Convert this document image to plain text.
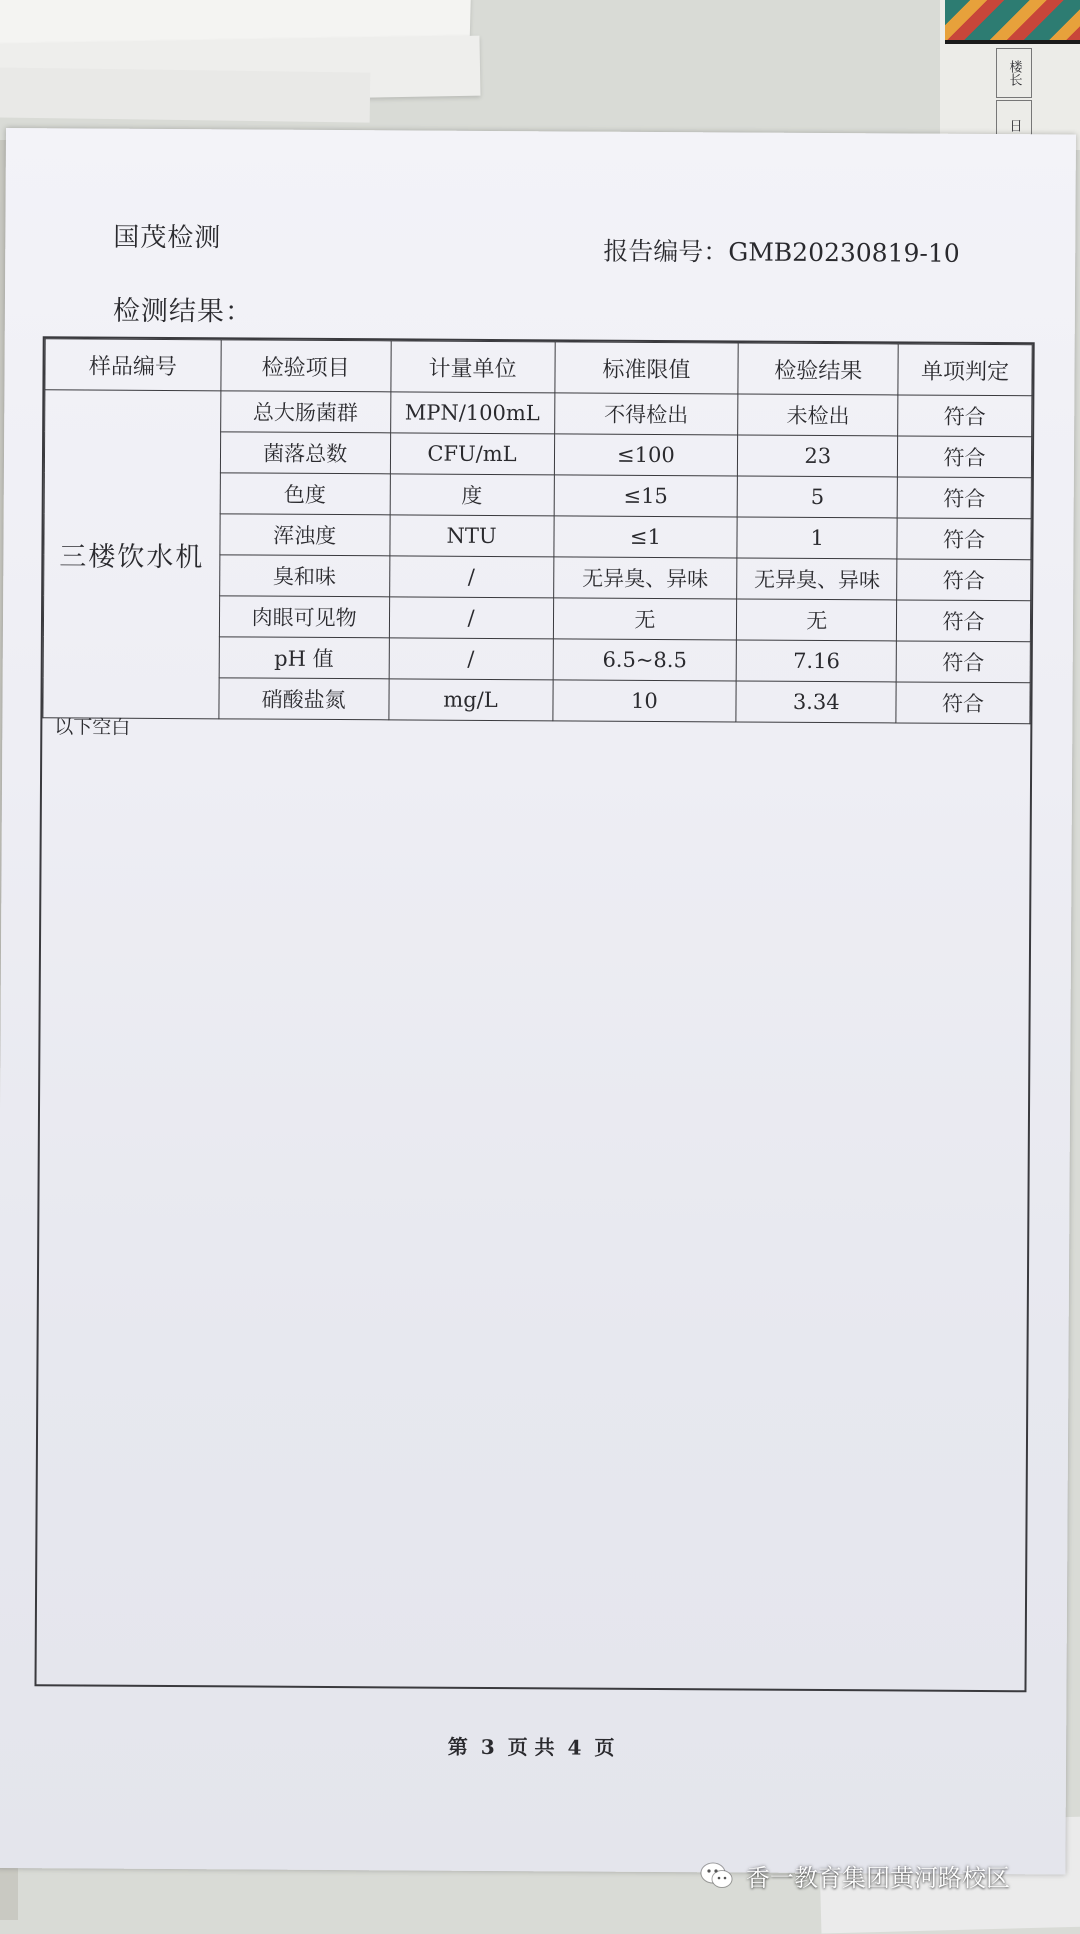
楼长
日
国茂检测	报告编号：GMB20230819-10
检测结果：
样品编号	检验项目	计量单位	标准限值	检验结果	单项判定
三楼饮水机	总大肠菌群	MPN/100mL	不得检出	未检出	符合
	菌落总数	CFU/mL	≤100	23	符合
	色度	度	≤15	5	符合
	浑浊度	NTU	≤1	1	符合
	臭和味	/	无异臭、异味	无异臭、异味	符合
	肉眼可见物	/	无	无	符合
	pH 值	/	6.5~8.5	7.16	符合
	硝酸盐氮	mg/L	10	3.34	符合
以下空白
第 3 页 共 4 页
香一教育集团黄河路校区
